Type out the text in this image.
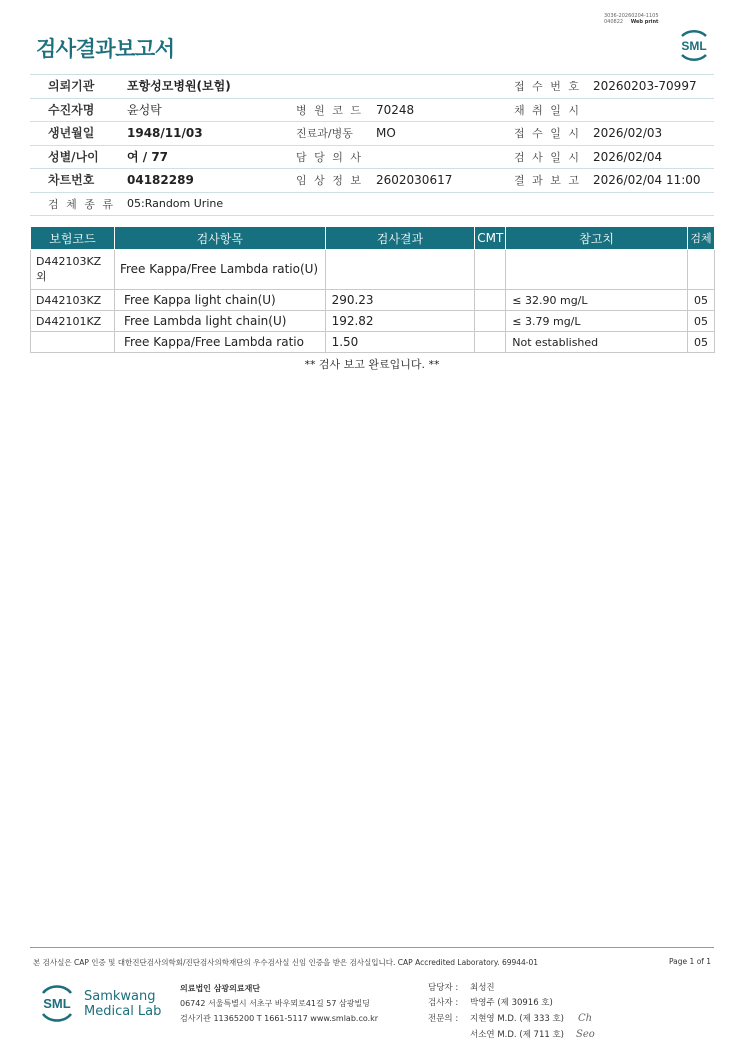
3036-20260204-1105
040822 Web print
검사결과보고서	SML
의뢰기관	포항성모병원(보험)	접 수 번 호 20260203-70997
수진자명	윤성탁	병 원 코 드 70248	채 취 일 시
생년월일	1948/11/03	진료과/병동 MO	접 수 일 시 2026/02/03
성별/나이 여 / 77	담 당 의 사	검 사 일 시 2026/02/04
차트번호	04182289	임 상 정 보 2602030617	결 과 보 고 2026/02/04 11:00
검 체 종 류 05:Random Urine
보험코드	검사항목	검사결과	CMT	참고치	검체
D442103KZ외	Free Kappa/Free Lambda ratio(U)				
D442103KZ	Free Kappa light chain(U)	290.23		≤ 32.90 mg/L	05
D442101KZ	Free Lambda light chain(U)	192.82		≤ 3.79 mg/L	05
	Free Kappa/Free Lambda ratio	1.50		Not established	05
** 검사 보고 완료입니다. **
본 검사실은 CAP 인증 및 대한진단검사의학회/진단검사의학재단의 우수검사실 신임 인증을 받은 검사실입니다. CAP Accredited Laboratory. 69944-01	Page 1 of 1
SML Samkwang
Medical Lab
의료법인 삼광의료재단
06742 서울특별시 서초구 바우뫼로41길 57 삼광빌딩
검사기관 11365200 T 1661-5117 www.smlab.co.kr
담당자 : 최성진
검사자 : 박영주 (제 30916 호)
전문의 : 지현영 M.D. (제 333 호) Ch
서소연 M.D. (제 711 호) Seo
